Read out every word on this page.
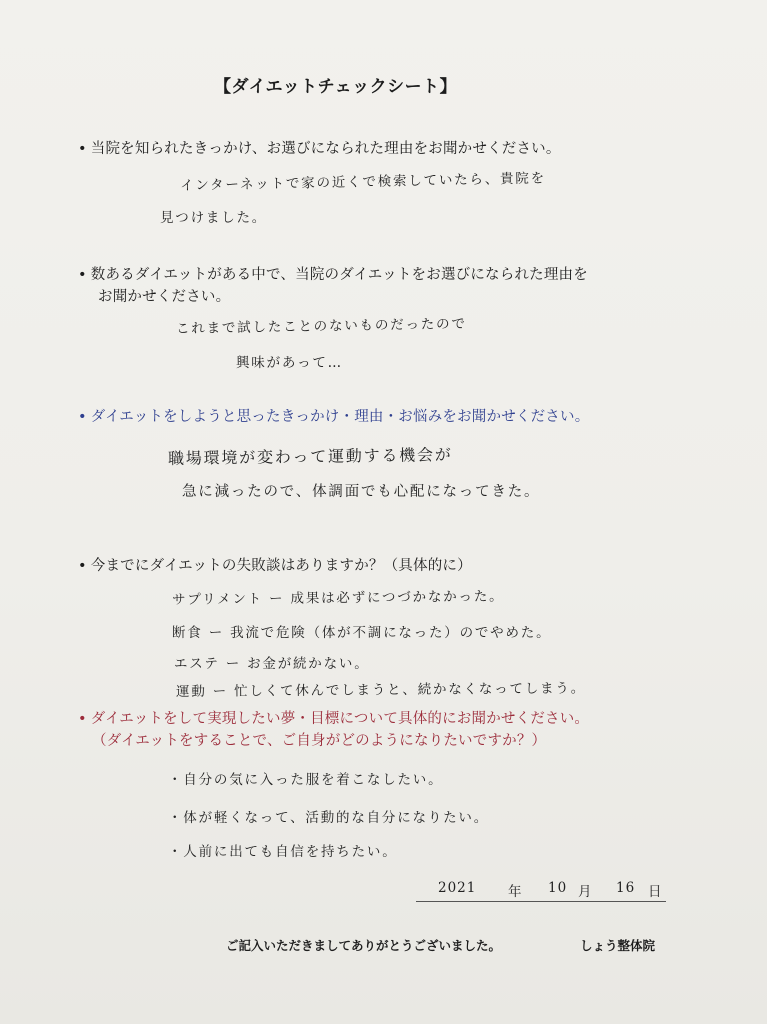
【ダイエットチェックシート】
• 当院を知られたきっかけ、お選びになられた理由をお聞かせください。
インターネットで家の近くで検索していたら、貴院を
見つけました。
• 数あるダイエットがある中で、当院のダイエットをお選びになられた理由を
お聞かせください。
これまで試したことのないものだったので
興味があって…
• ダイエットをしようと思ったきっかけ・理由・お悩みをお聞かせください。
職場環境が変わって運動する機会が
急に減ったので、体調面でも心配になってきた。
• 今までにダイエットの失敗談はありますか？（具体的に）
サプリメント ー 成果は必ずにつづかなかった。
断食 ー 我流で危険（体が不調になった）のでやめた。
エステ ー お金が続かない。
運動 ー 忙しくて休んでしまうと、続かなくなってしまう。
• ダイエットをして実現したい夢・目標について具体的にお聞かせください。
（ダイエットをすることで、ご自身がどのようになりたいですか？）
・自分の気に入った服を着こなしたい。
・体が軽くなって、活動的な自分になりたい。
・人前に出ても自信を持ちたい。
2021 年 10 月 16 日
ご記入いただきましてありがとうございました。	しょう整体院
